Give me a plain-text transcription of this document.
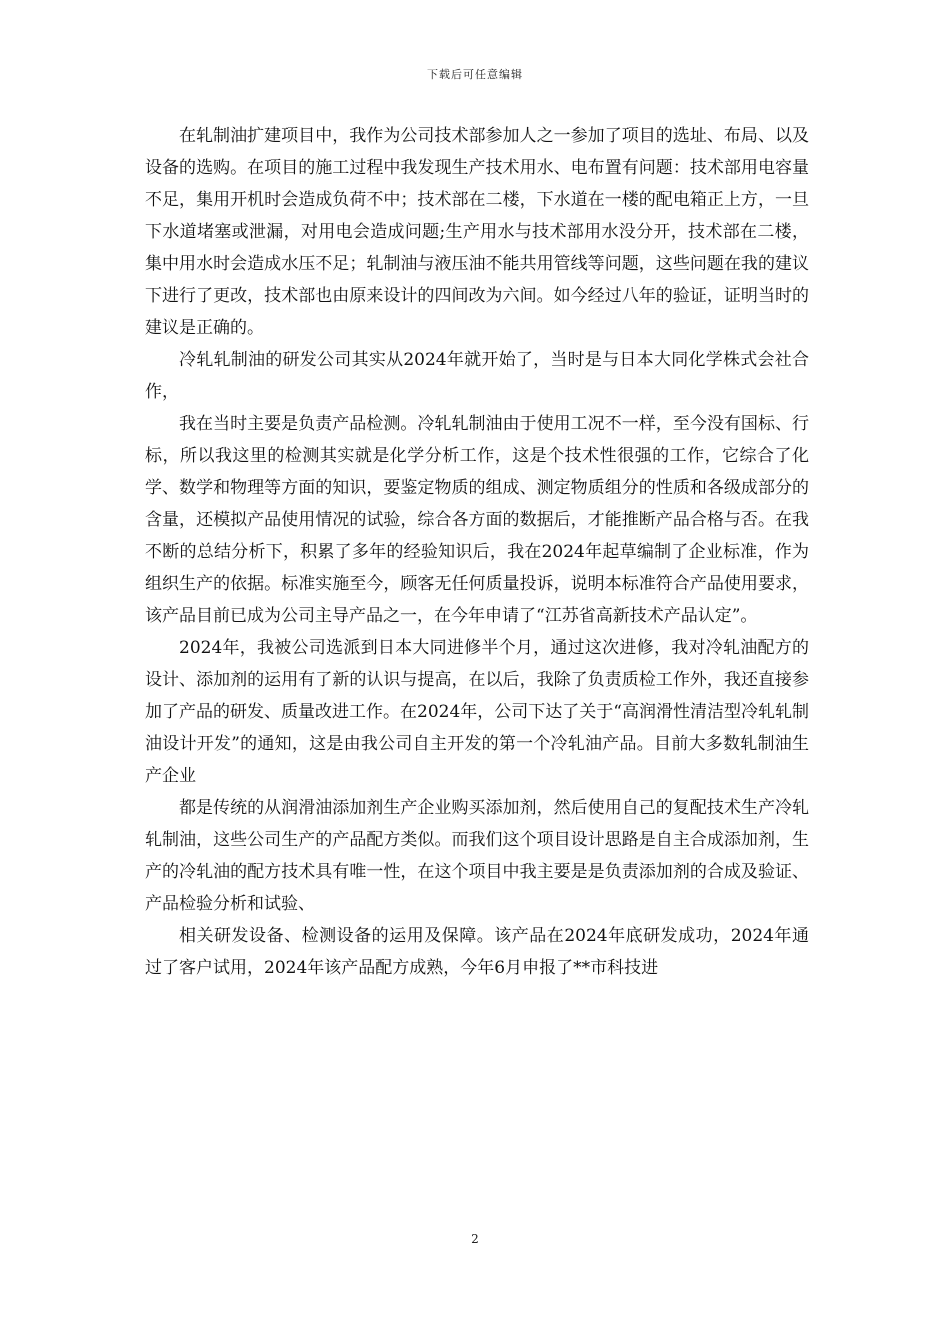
下载后可任意编辑

在轧制油扩建项目中，我作为公司技术部参加人之一参加了项目的选址、布局、以及设备的选购。在项目的施工过程中我发现生产技术用水、电布置有问题：技术部用电容量不足，集用开机时会造成负荷不中；技术部在二楼，下水道在一楼的配电箱正上方，一旦下水道堵塞或泄漏，对用电会造成问题;生产用水与技术部用水没分开，技术部在二楼，集中用水时会造成水压不足；轧制油与液压油不能共用管线等问题，这些问题在我的建议下进行了更改，技术部也由原来设计的四间改为六间。如今经过八年的验证，证明当时的建议是正确的。

冷轧轧制油的研发公司其实从2024年就开始了，当时是与日本大同化学株式会社合作，

我在当时主要是负责产品检测。冷轧轧制油由于使用工况不一样，至今没有国标、行标，所以我这里的检测其实就是化学分析工作，这是个技术性很强的工作，它综合了化学、数学和物理等方面的知识，要鉴定物质的组成、测定物质组分的性质和各级成部分的含量，还模拟产品使用情况的试验，综合各方面的数据后，才能推断产品合格与否。在我不断的总结分析下，积累了多年的经验知识后，我在2024年起草编制了企业标准，作为组织生产的依据。标准实施至今，顾客无任何质量投诉，说明本标准符合产品使用要求，该产品目前已成为公司主导产品之一，在今年申请了“江苏省高新技术产品认定”。

2024年，我被公司选派到日本大同进修半个月，通过这次进修，我对冷轧油配方的设计、添加剂的运用有了新的认识与提高，在以后，我除了负责质检工作外，我还直接参加了产品的研发、质量改进工作。在2024年，公司下达了关于“高润滑性清洁型冷轧轧制油设计开发”的通知，这是由我公司自主开发的第一个冷轧油产品。目前大多数轧制油生产企业

都是传统的从润滑油添加剂生产企业购买添加剂，然后使用自己的复配技术生产冷轧轧制油，这些公司生产的产品配方类似。而我们这个项目设计思路是自主合成添加剂，生产的冷轧油的配方技术具有唯一性，在这个项目中我主要是是负责添加剂的合成及验证、产品检验分析和试验、

相关研发设备、检测设备的运用及保障。该产品在2024年底研发成功，2024年通过了客户试用，2024年该产品配方成熟，今年6月申报了**市科技进

2
